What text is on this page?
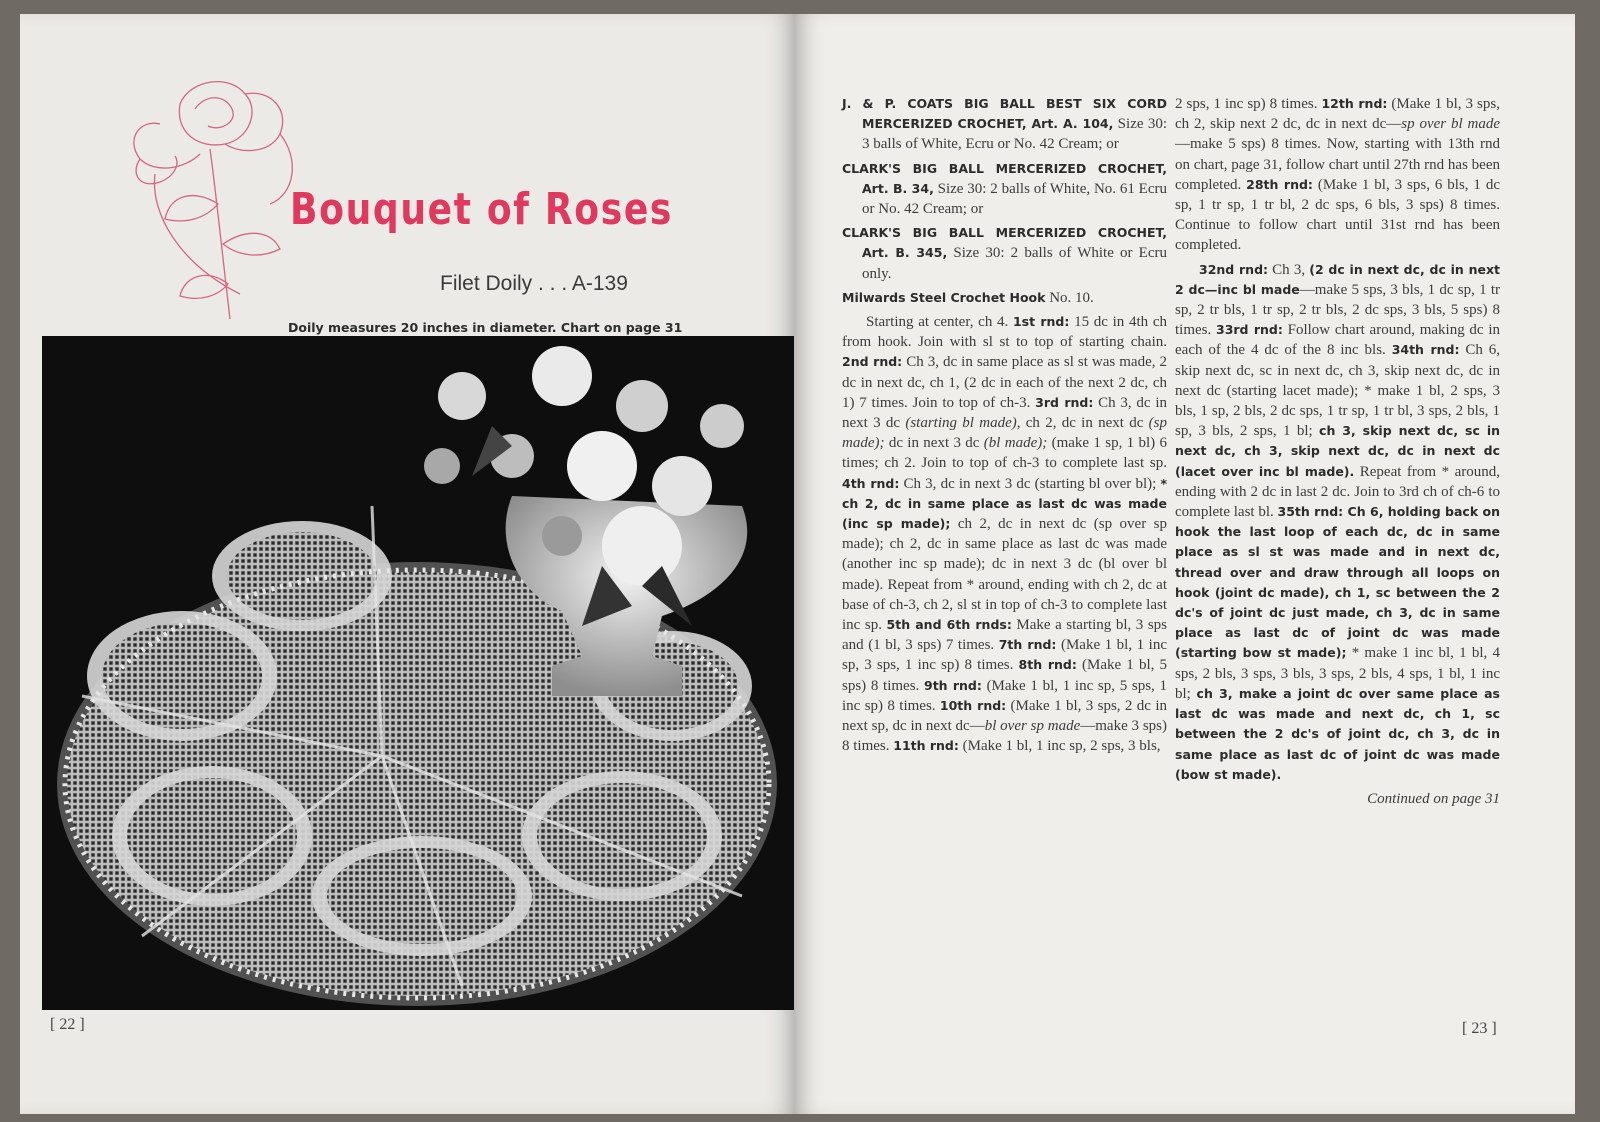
Bouquet of Roses
Filet Doily . . . A-139
Doily measures 20 inches in diameter. Chart on page 31
[ 22 ]

J. & P. COATS BIG BALL BEST SIX CORD MERCERIZED CROCHET, Art. A. 104, Size 30: 3 balls of White, Ecru or No. 42 Cream; or

CLARK'S BIG BALL MERCERIZED CROCHET, Art. B. 34, Size 30: 2 balls of White, No. 61 Ecru or No. 42 Cream; or

CLARK'S BIG BALL MERCERIZED CROCHET, Art. B. 345, Size 30: 2 balls of White or Ecru only.

Milwards Steel Crochet Hook No. 10.

Starting at center, ch 4. 1st rnd: 15 dc in 4th ch from hook. Join with sl st to top of starting chain. 2nd rnd: Ch 3, dc in same place as sl st was made, 2 dc in next dc, ch 1, (2 dc in each of the next 2 dc, ch 1) 7 times. Join to top of ch-3. 3rd rnd: Ch 3, dc in next 3 dc (starting bl made), ch 2, dc in next dc (sp made); dc in next 3 dc (bl made); (make 1 sp, 1 bl) 6 times; ch 2. Join to top of ch-3 to complete last sp. 4th rnd: Ch 3, dc in next 3 dc (starting bl over bl); * ch 2, dc in same place as last dc was made (inc sp made); ch 2, dc in next dc (sp over sp made); ch 2, dc in same place as last dc was made (another inc sp made); dc in next 3 dc (bl over bl made). Repeat from * around, ending with ch 2, dc at base of ch-3, ch 2, sl st in top of ch-3 to complete last inc sp. 5th and 6th rnds: Make a starting bl, 3 sps and (1 bl, 3 sps) 7 times. 7th rnd: (Make 1 bl, 1 inc sp, 3 sps, 1 inc sp) 8 times. 8th rnd: (Make 1 bl, 5 sps) 8 times. 9th rnd: (Make 1 bl, 1 inc sp, 5 sps, 1 inc sp) 8 times. 10th rnd: (Make 1 bl, 3 sps, 2 dc in next sp, dc in next dc—bl over sp made—make 3 sps) 8 times. 11th rnd: (Make 1 bl, 1 inc sp, 2 sps, 3 bls,

2 sps, 1 inc sp) 8 times. 12th rnd: (Make 1 bl, 3 sps, ch 2, skip next 2 dc, dc in next dc—sp over bl made —make 5 sps) 8 times. Now, starting with 13th rnd on chart, page 31, follow chart until 27th rnd has been completed. 28th rnd: (Make 1 bl, 3 sps, 6 bls, 1 dc sp, 1 tr sp, 1 tr bl, 2 dc sps, 6 bls, 3 sps) 8 times. Continue to follow chart until 31st rnd has been completed.

32nd rnd: Ch 3, (2 dc in next dc, dc in next 2 dc—inc bl made—make 5 sps, 3 bls, 1 dc sp, 1 tr sp, 2 tr bls, 1 tr sp, 2 tr bls, 2 dc sps, 3 bls, 5 sps) 8 times. 33rd rnd: Follow chart around, making dc in each of the 4 dc of the 8 inc bls. 34th rnd: Ch 6, skip next dc, sc in next dc, ch 3, skip next dc, dc in next dc (starting lacet made); * make 1 bl, 2 sps, 3 bls, 1 sp, 2 bls, 2 dc sps, 1 tr sp, 1 tr bl, 3 sps, 2 bls, 1 sp, 3 bls, 2 sps, 1 bl; ch 3, skip next dc, sc in next dc, ch 3, skip next dc, dc in next dc (lacet over inc bl made). Repeat from * around, ending with 2 dc in last 2 dc. Join to 3rd ch of ch-6 to complete last bl. 35th rnd: Ch 6, holding back on hook the last loop of each dc, dc in same place as sl st was made and in next dc, thread over and draw through all loops on hook (joint dc made), ch 1, sc between the 2 dc's of joint dc just made, ch 3, dc in same place as last dc of joint dc was made (starting bow st made); * make 1 inc bl, 1 bl, 4 sps, 2 bls, 3 sps, 3 bls, 3 sps, 2 bls, 4 sps, 1 bl, 1 inc bl; ch 3, make a joint dc over same place as last dc was made and next dc, ch 1, sc between the 2 dc's of joint dc, ch 3, dc in same place as last dc of joint dc was made (bow st made).

Continued on page 31

[ 23 ]
